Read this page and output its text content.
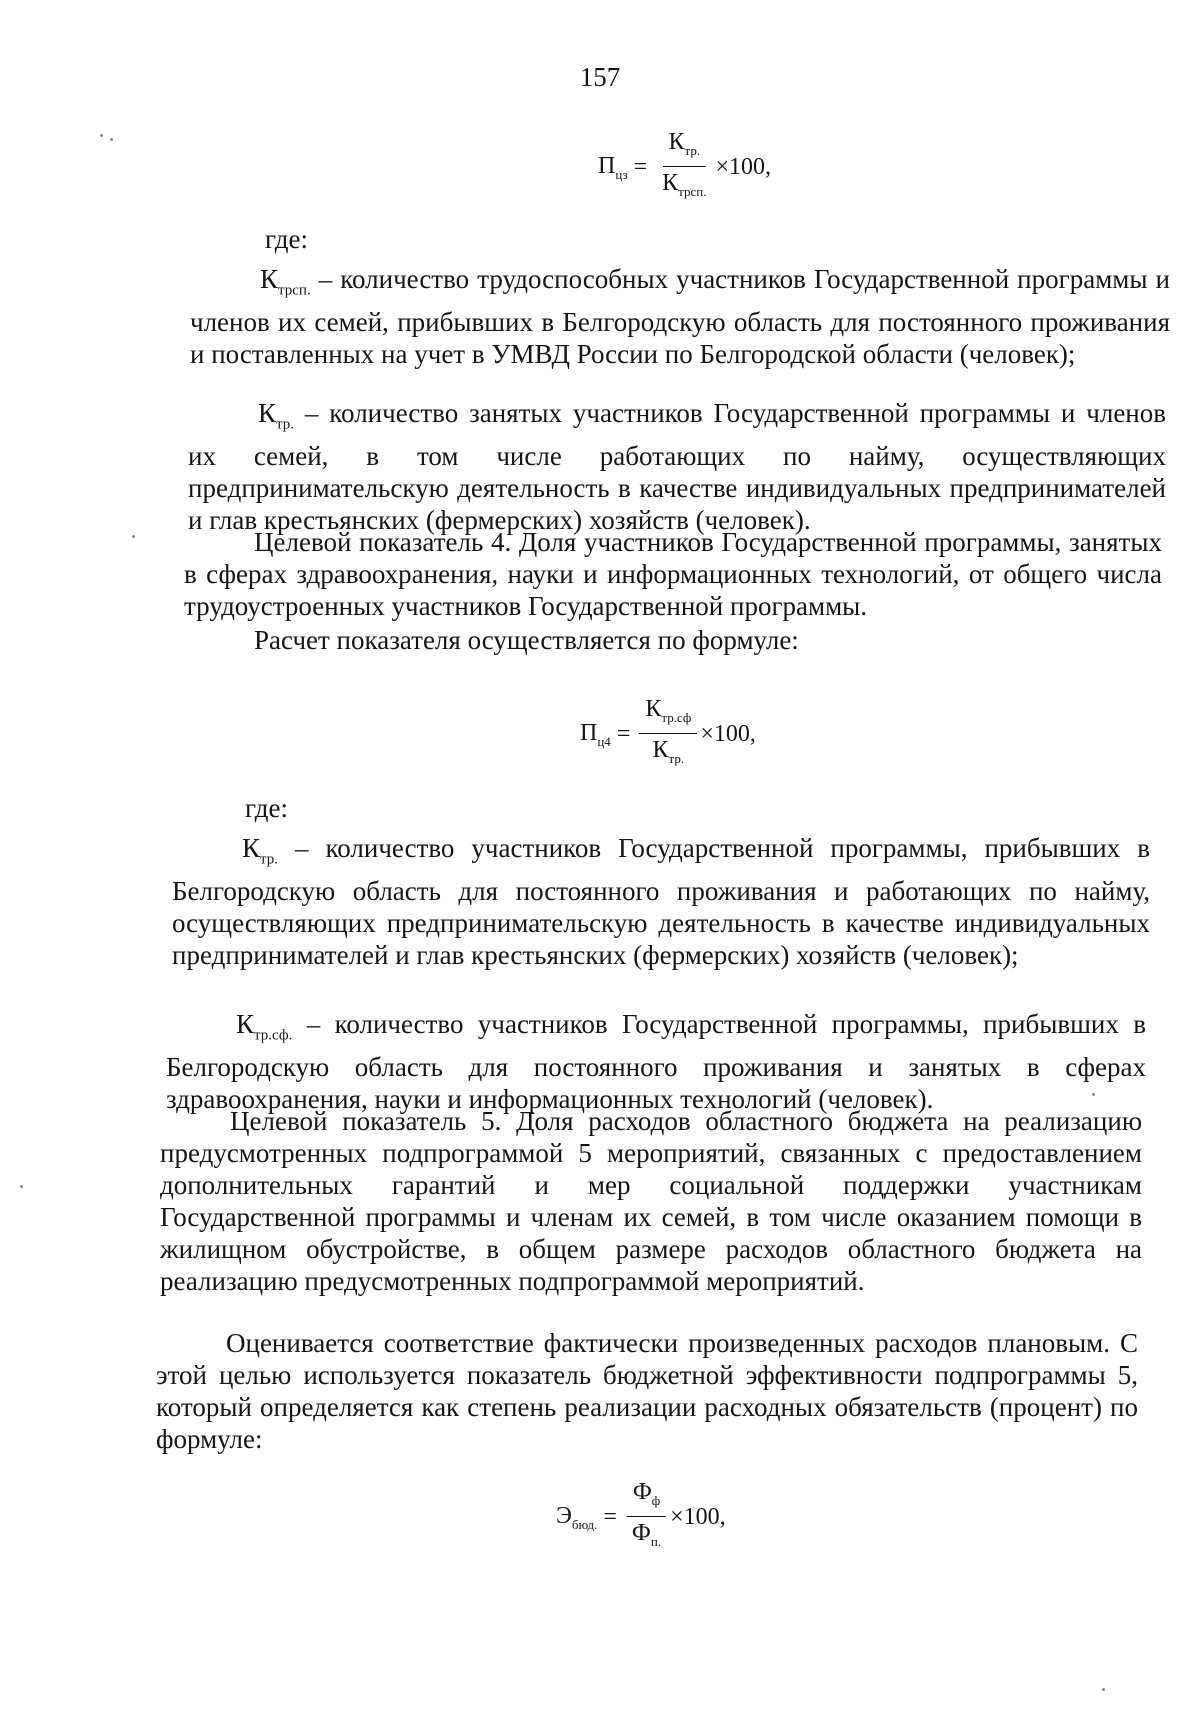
157
$П_{цз} = \frac{К_{тр.}}{К_{трсп.}} \times 100$,
где:
$К_{трсп.}$ – количество трудоспособных участников Государственной программы и членов их семей, прибывших в Белгородскую область для постоянного проживания и поставленных на учет в УМВД России по Белгородской области (человек);
$К_{тр.}$ – количество занятых участников Государственной программы и членов их семей, в том числе работающих по найму, осуществляющих предпринимательскую деятельность в качестве индивидуальных предпринимателей и глав крестьянских (фермерских) хозяйств (человек).
Целевой показатель 4. Доля участников Государственной программы, занятых в сферах здравоохранения, науки и информационных технологий, от общего числа трудоустроенных участников Государственной программы.
Расчет показателя осуществляется по формуле:
$П_{ц4} = \frac{К_{тр.сф}}{К_{тр.}} \times 100$,
где:
$К_{тр.}$ – количество участников Государственной программы, прибывших в Белгородскую область для постоянного проживания и работающих по найму, осуществляющих предпринимательскую деятельность в качестве индивидуальных предпринимателей и глав крестьянских (фермерских) хозяйств (человек);
$К_{тр.сф.}$ – количество участников Государственной программы, прибывших в Белгородскую область для постоянного проживания и занятых в сферах здравоохранения, науки и информационных технологий (человек).
Целевой показатель 5. Доля расходов областного бюджета на реализацию предусмотренных подпрограммой 5 мероприятий, связанных с предоставлением дополнительных гарантий и мер социальной поддержки участникам Государственной программы и членам их семей, в том числе оказанием помощи в жилищном обустройстве, в общем размере расходов областного бюджета на реализацию предусмотренных подпрограммой мероприятий.
Оценивается соответствие фактически произведенных расходов плановым. С этой целью используется показатель бюджетной эффективности подпрограммы 5, который определяется как степень реализации расходных обязательств (процент) по формуле:
$Э_{бюд.} = \frac{Ф_ф}{Ф_{п.}} \times 100$,
